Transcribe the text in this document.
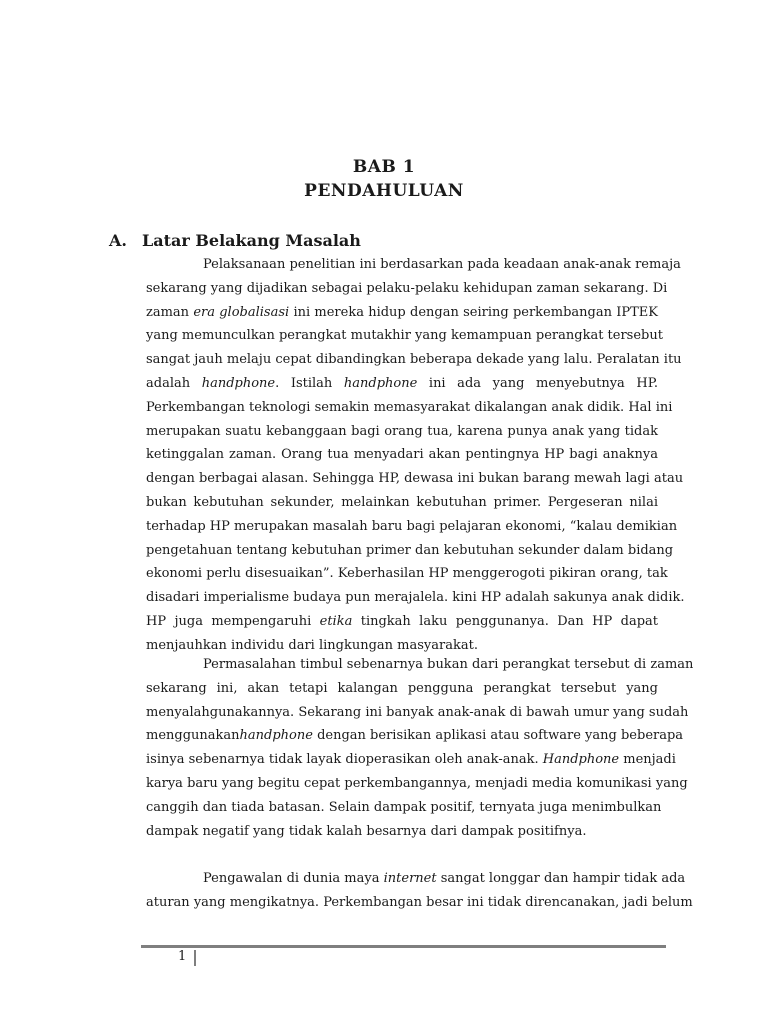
BAB 1
PENDAHULUAN
A. Latar Belakang Masalah
Pelaksanaan penelitian ini berdasarkan pada keadaan anak-anak remaja
sekarang yang dijadikan sebagai pelaku-pelaku kehidupan zaman sekarang. Di
zaman era globalisasi ini mereka hidup dengan seiring perkembangan IPTEK
yang memunculkan perangkat mutakhir yang kemampuan perangkat tersebut
sangat jauh melaju cepat dibandingkan beberapa dekade yang lalu. Peralatan itu
adalah handphone. Istilah handphone ini ada yang menyebutnya HP.
Perkembangan teknologi semakin memasyarakat dikalangan anak didik. Hal ini
merupakan suatu kebanggaan bagi orang tua, karena punya anak yang tidak
ketinggalan zaman. Orang tua menyadari akan pentingnya HP bagi anaknya
dengan berbagai alasan. Sehingga HP, dewasa ini bukan barang mewah lagi atau
bukan kebutuhan sekunder, melainkan kebutuhan primer. Pergeseran nilai
terhadap HP merupakan masalah baru bagi pelajaran ekonomi, “kalau demikian
pengetahuan tentang kebutuhan primer dan kebutuhan sekunder dalam bidang
ekonomi perlu disesuaikan”. Keberhasilan HP menggerogoti pikiran orang, tak
disadari imperialisme budaya pun merajalela. kini HP adalah sakunya anak didik.
HP juga mempengaruhi etika tingkah laku penggunanya. Dan HP dapat
menjauhkan individu dari lingkungan masyarakat.
Permasalahan timbul sebenarnya bukan dari perangkat tersebut di zaman
sekarang ini, akan tetapi kalangan pengguna perangkat tersebut yang
menyalahgunakannya. Sekarang ini banyak anak-anak di bawah umur yang sudah
menggunakanhandphone dengan berisikan aplikasi atau software yang beberapa
isinya sebenarnya tidak layak dioperasikan oleh anak-anak. Handphone menjadi
karya baru yang begitu cepat perkembangannya, menjadi media komunikasi yang
canggih dan tiada batasan. Selain dampak positif, ternyata juga menimbulkan
dampak negatif yang tidak kalah besarnya dari dampak positifnya.
Pengawalan di dunia maya internet sangat longgar dan hampir tidak ada
aturan yang mengikatnya. Perkembangan besar ini tidak direncanakan, jadi belum
1
